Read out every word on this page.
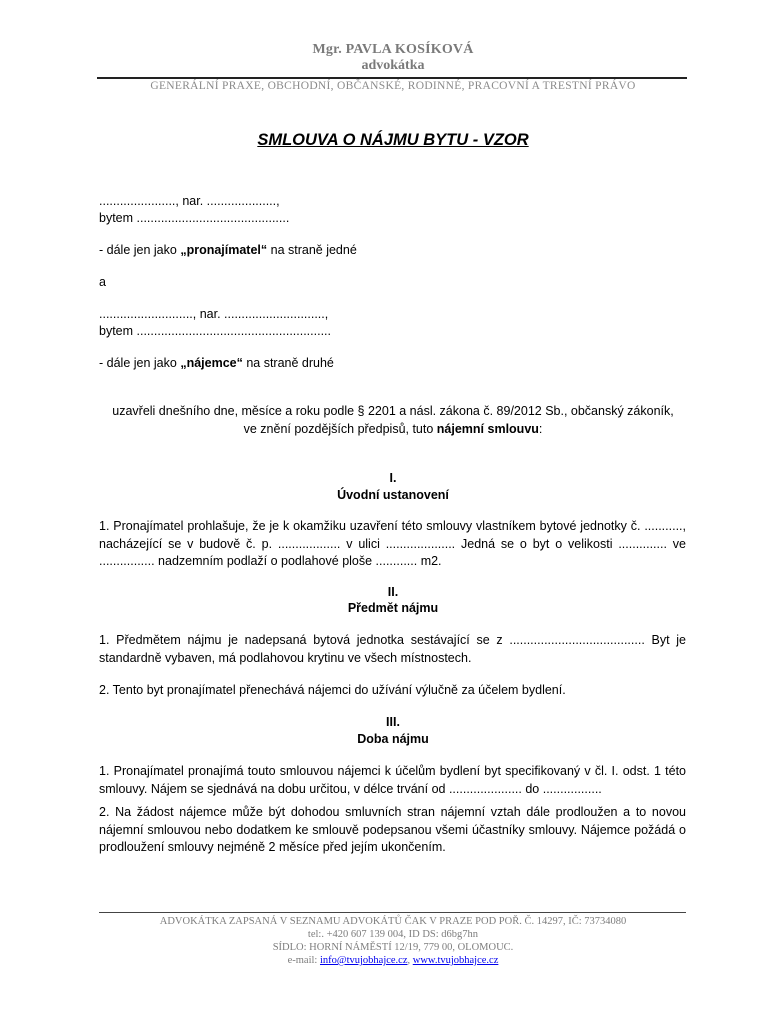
Mgr. PAVLA KOSÍKOVÁ
advokátka
GENERÁLNÍ PRAXE, OBCHODNÍ, OBČANSKÉ, RODINNÉ, PRACOVNÍ A TRESTNÍ PRÁVO
SMLOUVA O NÁJMU BYTU - VZOR
......................, nar. ....................,
bytem ............................................
- dále jen jako „pronajímatel“ na straně jedné
a
..........................., nar. .............................,
bytem ........................................................
- dále jen jako „nájemce“ na straně druhé
uzavřeli dnešního dne, měsíce a roku podle § 2201 a násl. zákona č. 89/2012 Sb., občanský zákoník,
ve znění pozdějších předpisů, tuto nájemní smlouvu:
I.
Úvodní ustanovení
1. Pronajímatel prohlašuje, že je k okamžiku uzavření této smlouvy vlastníkem bytové jednotky č. ..........., nacházející se v budově č. p. .................. v ulici .................... Jedná se o byt o velikosti .............. ve ................ nadzemním podlaží o podlahové ploše ............ m2.
II.
Předmět nájmu
1. Předmětem nájmu je nadepsaná bytová jednotka sestávající se z ....................................... Byt je standardně vybaven, má podlahovou krytinu ve všech místnostech.
2. Tento byt pronajímatel přenechává nájemci do užívání výlučně za účelem bydlení.
III.
Doba nájmu
1. Pronajímatel pronajímá touto smlouvou nájemci k účelům bydlení byt specifikovaný v čl. I. odst. 1 této smlouvy. Nájem se sjednává na dobu určitou, v délce trvání od ..................... do .................
2. Na žádost nájemce může být dohodou smluvních stran nájemní vztah dále prodloužen a to novou nájemní smlouvou nebo dodatkem ke smlouvě podepsanou všemi účastníky smlouvy. Nájemce požádá o prodloužení smlouvy nejméně 2 měsíce před jejím ukončením.
ADVOKÁTKA ZAPSANÁ V SEZNAMU ADVOKÁTŮ ČAK V PRAZE POD POŘ. Č. 14297, IČ: 73734080
tel:. +420 607 139 004, ID DS: d6bg7hn
SÍDLO: HORNÍ NÁMĚSTÍ 12/19, 779 00, OLOMOUC.
e-mail: info@tvujobhajce.cz, www.tvujobhajce.cz
